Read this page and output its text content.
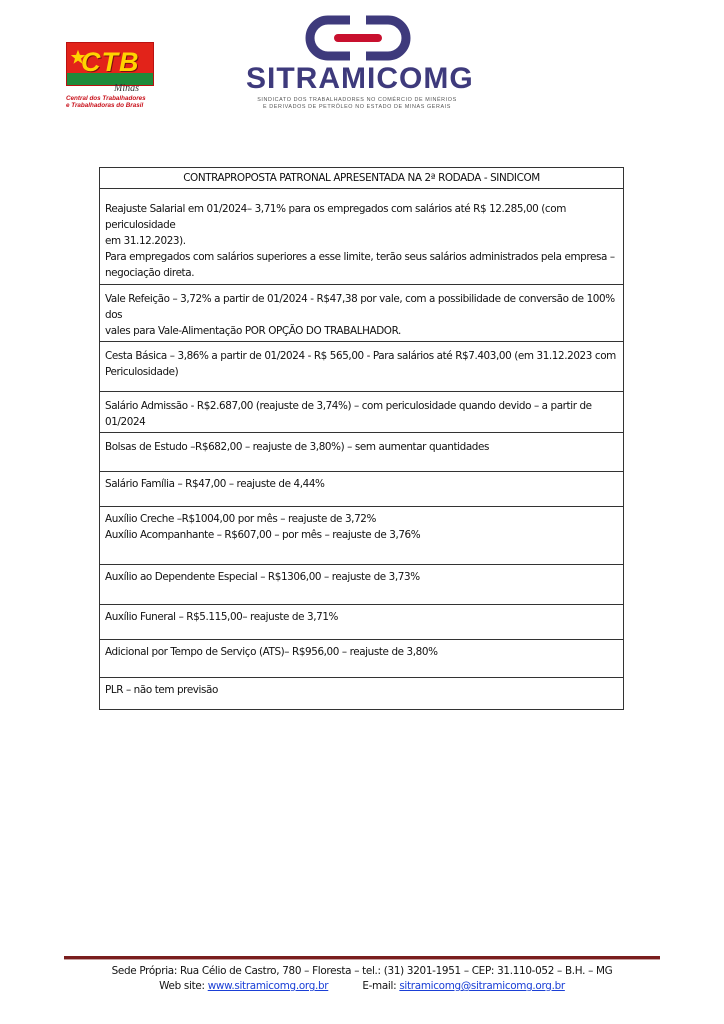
CTB
Minas
Central dos Trabalhadores
e Trabalhadoras do Brasil
SITRAMICOMG
SINDICATO DOS TRABALHADORES NO COMÉRCIO DE MINÉRIOS
E DERIVADOS DE PETRÓLEO NO ESTADO DE MINAS GERAIS
CONTRAPROPOSTA PATRONAL APRESENTADA NA 2ª RODADA - SINDICOM

Reajuste Salarial em 01/2024– 3,71% para os empregados com salários até R$ 12.285,00 (com periculosidade
em 31.12.2023).
Para empregados com salários superiores a esse limite, terão seus salários administrados pela empresa –
negociação direta.

Vale Refeição – 3,72% a partir de 01/2024 - R$47,38 por vale, com a possibilidade de conversão de 100% dos
vales para Vale-Alimentação POR OPÇÃO DO TRABALHADOR.

Cesta Básica – 3,86% a partir de 01/2024 - R$ 565,00 - Para salários até R$7.403,00 (em 31.12.2023 com
Periculosidade)

Salário Admissão - R$2.687,00 (reajuste de 3,74%) – com periculosidade quando devido – a partir de 01/2024
Bolsas de Estudo –R$682,00 – reajuste de 3,80%) – sem aumentar quantidades
Salário Família – R$47,00 – reajuste de 4,44%

Auxílio Creche –R$1004,00 por mês – reajuste de 3,72%
Auxílio Acompanhante – R$607,00 – por mês – reajuste de 3,76%

Auxílio ao Dependente Especial – R$1306,00 – reajuste de 3,73%
Auxílio Funeral – R$5.115,00– reajuste de 3,71%
Adicional por Tempo de Serviço (ATS)– R$956,00 – reajuste de 3,80%
PLR – não tem previsão
Sede Própria: Rua Célio de Castro, 780 – Floresta – tel.: (31) 3201-1951 – CEP: 31.110-052 – B.H. – MG
Web site: www.sitramicomg.org.br	E-mail: sitramicomg@sitramicomg.org.br
